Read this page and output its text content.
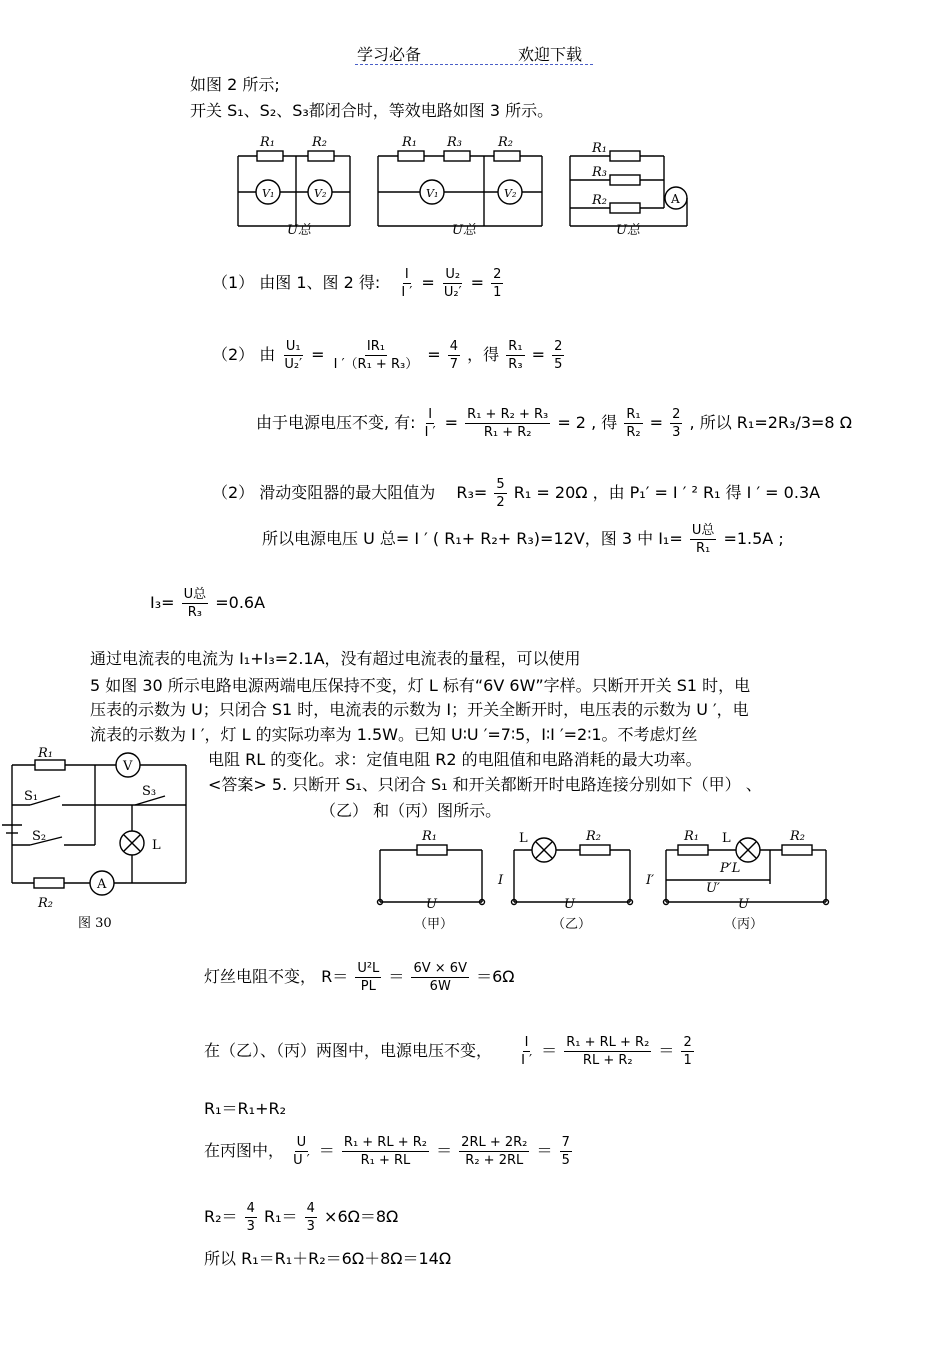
学习必备	欢迎下载
如图 2 所示;
开关 S₁、S₂、S₃都闭合时，等效电路如图 3 所示。
R₁	R₂
V₁	V₂
U总
R₁ R₃	R₂
V₁	V₂
U总
R₁
R₃
R₂	A
U总
（1） 由图 1、图 2 得: $\frac{I}{I '} = \frac{\text{U₂}}{\text{U₂′}} = \frac{2}{1}$
（2） 由 $\frac{\text{U₁}}{\text{U₂′}} = \frac{\text{IR₁}}{\text{I ′（R₁ + R₃）}} = \frac{4}{7}$ ，得 $\frac{\text{R₁}}{\text{R₃}} = \frac{2}{5}$
由于电源电压不变, 有: $\frac{I}{I '} = \frac{\text{R₁ + R₂ + R₃}}{\text{R₁ + R₂}} = 2$ , 得 $\frac{\text{R₁}}{\text{R₂}} = \frac{2}{3}$ , 所以 R₁=2R₃/3=8 Ω
（2） 滑动变阻器的最大阻值为 $R_3= \frac{5}{2} R_1 = 20\Omega$ ，由 P₁′ = I ′ ² R₁ 得 I ′ = 0.3A
所以电源电压 U 总= I ′ ( R₁+ R₂+ R₃)=12V，图 3 中 $I_1= \frac{\text{U总}}{\text{R₁}} =1.5A$ ;
$I_3= \frac{\text{U总}}{\text{R₃}} =0.6A$
通过电流表的电流为 I₁+I₃=2.1A，没有超过电流表的量程，可以使用
5 如图 30 所示电路电源两端电压保持不变，灯 L 标有“6V 6W”字样。只断开开关 S1 时，电
压表的示数为 U；只闭合 S1 时，电流表的示数为 I；开关全断开时，电压表的示数为 U ′，电
流表的示数为 I ′，灯 L 的实际功率为 1.5W。已知 U∶U ′=7∶5，I∶I ′=2∶1。不考虑灯丝
电阻 RL 的变化。求：定值电阻 R2 的电阻值和电路消耗的最大功率。
<答案> 5. 只断开 S₁、只闭合 S₁ 和开关都断开时电路连接分别如下（甲） 、
（乙） 和（丙）图所示。
R₁
V
S₁	S₃
S₂
L
A
R₂
图 30
R₁
U
（甲）
L	R₂
I
U
（乙）
R₁ L	R₂
P′L
I′
U′
U
（丙）
灯丝电阻不变， $R= \frac{\text{U²L}}{PL} = \frac{6V \times 6V}{6W} =6\Omega$
在（乙）、（丙）两图中，电源电压不变， $\frac{I}{I '} = \frac{\text{R₁ + RL + R₂}}{\text{RL + R₂}} = \frac{2}{1}$
R₁＝R₁+R₂
在丙图中， $\frac{U}{U '} = \frac{\text{R₁ + RL + R₂}}{\text{R₁ + RL}} = \frac{\text{2RL + 2R₂}}{\text{R₂ + 2RL}} = \frac{7}{5}$
$R_2= \frac{4}{3} R_1= \frac{4}{3} \times 6\Omega=8\Omega$
所以 R₁＝R₁＋R₂＝6Ω＋8Ω＝14Ω
